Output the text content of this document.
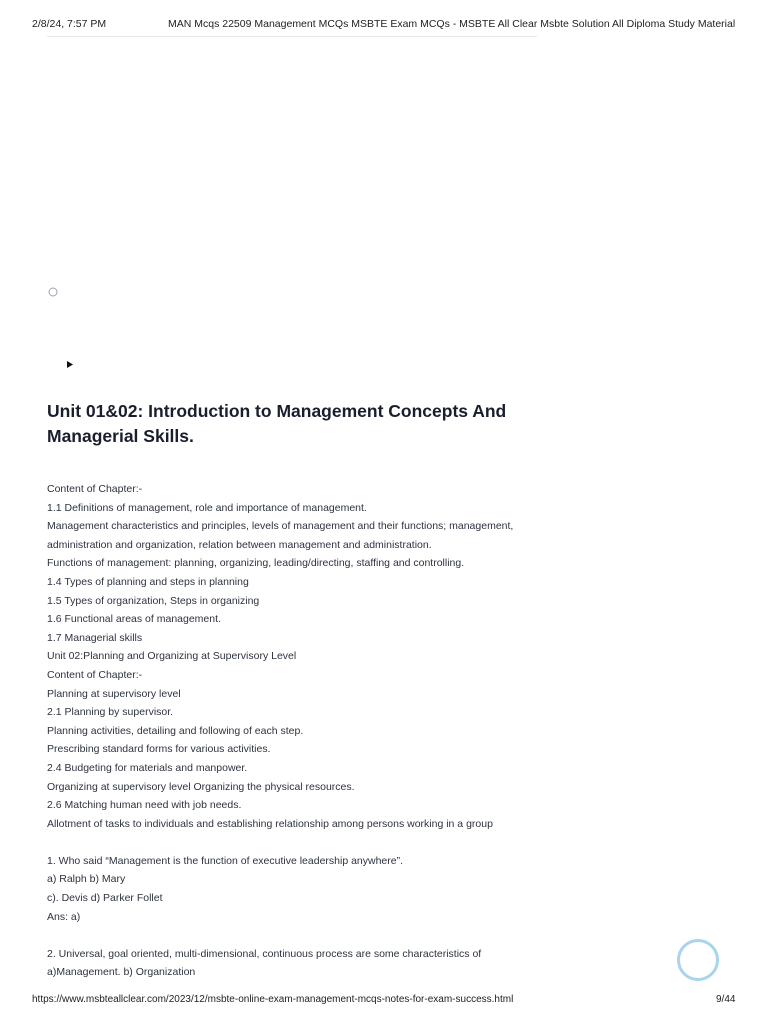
2/8/24, 7:57 PM	MAN Mcqs 22509 Management MCQs MSBTE Exam MCQs - MSBTE All Clear Msbte Solution All Diploma Study Material
Unit 01&02: Introduction to Management Concepts And Managerial Skills.
Content of Chapter:-
1.1 Definitions of management, role and importance of management.
Management characteristics and principles, levels of management and their functions; management,
administration and organization, relation between management and administration.
Functions of management: planning, organizing, leading/directing, staffing and controlling.
1.4 Types of planning and steps in planning
1.5 Types of organization, Steps in organizing
1.6 Functional areas of management.
1.7 Managerial skills
Unit 02:Planning and Organizing at Supervisory Level
Content of Chapter:-
Planning at supervisory level
2.1 Planning by supervisor.
Planning activities, detailing and following of each step.
Prescribing standard forms for various activities.
2.4 Budgeting for materials and manpower.
Organizing at supervisory level Organizing the physical resources.
2.6 Matching human need with job needs.
Allotment of tasks to individuals and establishing relationship among persons working in a group
1. Who said “Management is the function of executive leadership anywhere”.
a) Ralph b) Mary
c). Devis d) Parker Follet
Ans: a)
2. Universal, goal oriented, multi-dimensional, continuous process are some characteristics of
a)Management. b) Organization
https://www.msbteallclear.com/2023/12/msbte-online-exam-management-mcqs-notes-for-exam-success.html	9/44
